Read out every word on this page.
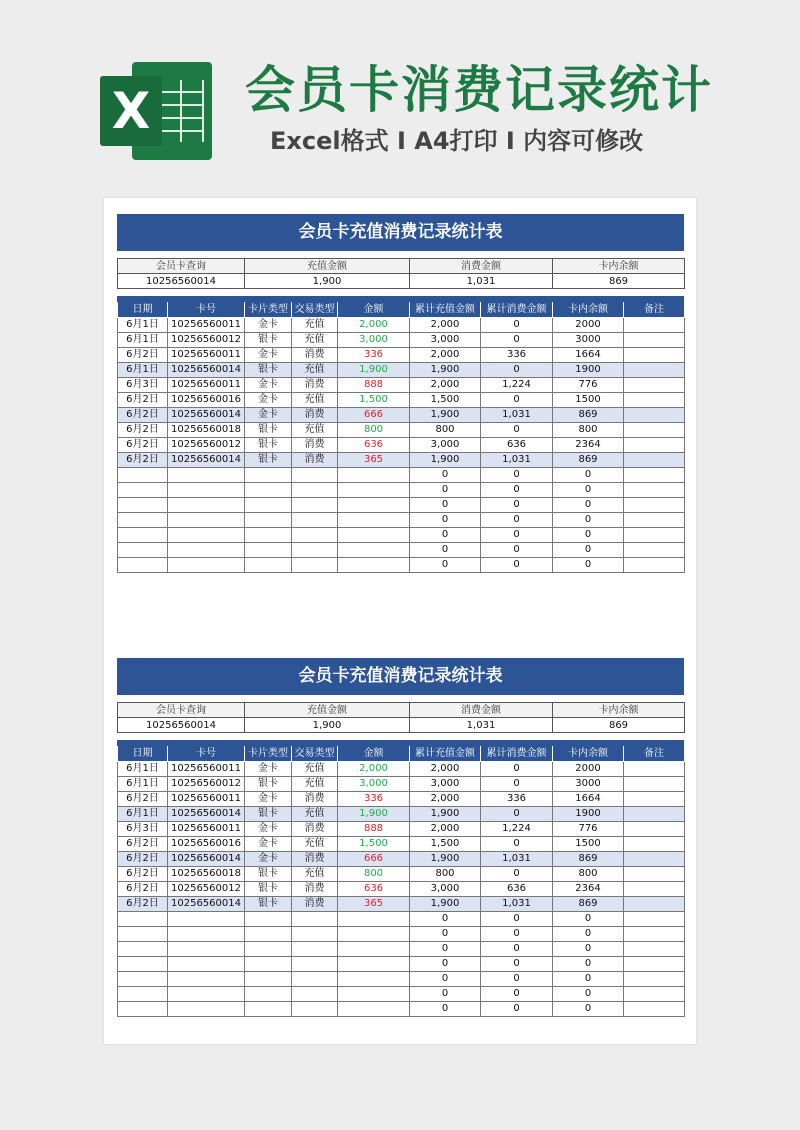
X 会员卡消费记录统计
Excel格式 I A4打印 I 内容可修改
会员卡充值消费记录统计表
会员卡查询	充值金额	消费金额	卡内余额
10256560014	1,900	1,031	869
日期	卡号	卡片类型	交易类型	金额	累计充值金额	累计消费金额	卡内余额	备注
6月1日	10256560011	金卡	充值	2,000	2,000	0	2000	
6月1日	10256560012	银卡	充值	3,000	3,000	0	3000	
6月2日	10256560011	金卡	消费	336	2,000	336	1664	
6月1日	10256560014	银卡	充值	1,900	1,900	0	1900	
6月3日	10256560011	金卡	消费	888	2,000	1,224	776	
6月2日	10256560016	金卡	充值	1,500	1,500	0	1500	
6月2日	10256560014	金卡	消费	666	1,900	1,031	869	
6月2日	10256560018	银卡	充值	800	800	0	800	
6月2日	10256560012	银卡	消费	636	3,000	636	2364	
6月2日	10256560014	银卡	消费	365	1,900	1,031	869	
					0	0	0	
					0	0	0	
					0	0	0	
					0	0	0	
					0	0	0	
					0	0	0	
					0	0	0	
会员卡充值消费记录统计表
会员卡查询	充值金额	消费金额	卡内余额
10256560014	1,900	1,031	869
日期	卡号	卡片类型	交易类型	金额	累计充值金额	累计消费金额	卡内余额	备注
6月1日	10256560011	金卡	充值	2,000	2,000	0	2000	
6月1日	10256560012	银卡	充值	3,000	3,000	0	3000	
6月2日	10256560011	金卡	消费	336	2,000	336	1664	
6月1日	10256560014	银卡	充值	1,900	1,900	0	1900	
6月3日	10256560011	金卡	消费	888	2,000	1,224	776	
6月2日	10256560016	金卡	充值	1,500	1,500	0	1500	
6月2日	10256560014	金卡	消费	666	1,900	1,031	869	
6月2日	10256560018	银卡	充值	800	800	0	800	
6月2日	10256560012	银卡	消费	636	3,000	636	2364	
6月2日	10256560014	银卡	消费	365	1,900	1,031	869	
					0	0	0	
					0	0	0	
					0	0	0	
					0	0	0	
					0	0	0	
					0	0	0	
					0	0	0	
